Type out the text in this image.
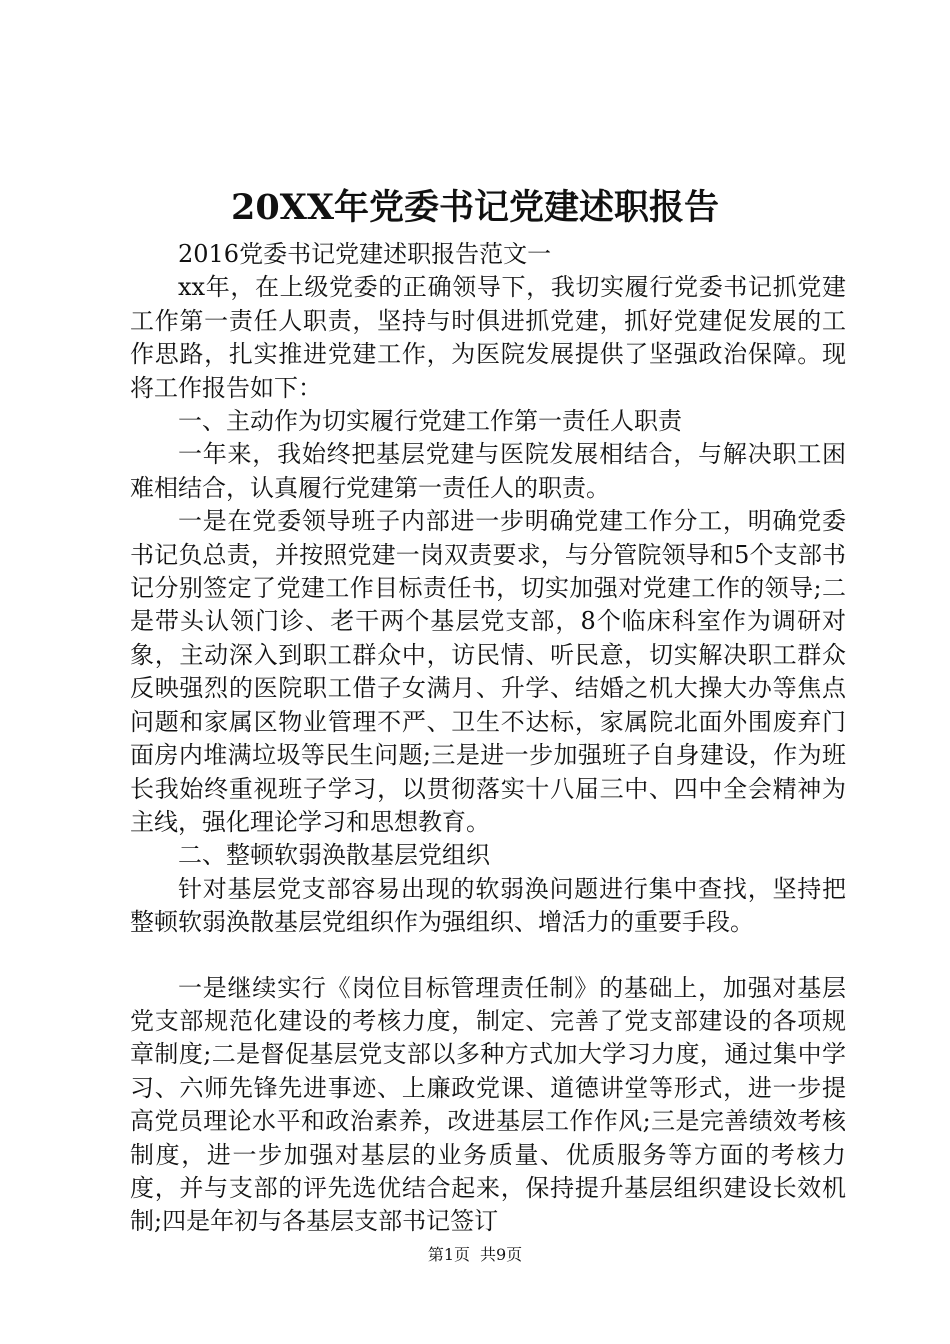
20XX年党委书记党建述职报告

2016党委书记党建述职报告范文一

xx年，在上级党委的正确领导下，我切实履行党委书记抓党建工作第一责任人职责，坚持与时俱进抓党建，抓好党建促发展的工作思路，扎实推进党建工作，为医院发展提供了坚强政治保障。现将工作报告如下：

一、主动作为切实履行党建工作第一责任人职责

一年来，我始终把基层党建与医院发展相结合，与解决职工困难相结合，认真履行党建第一责任人的职责。

一是在党委领导班子内部进一步明确党建工作分工，明确党委书记负总责，并按照党建一岗双责要求，与分管院领导和5个支部书记分别签定了党建工作目标责任书，切实加强对党建工作的领导;二是带头认领门诊、老干两个基层党支部，8个临床科室作为调研对象，主动深入到职工群众中，访民情、听民意，切实解决职工群众反映强烈的医院职工借子女满月、升学、结婚之机大操大办等焦点问题和家属区物业管理不严、卫生不达标，家属院北面外围废弃门面房内堆满垃圾等民生问题;三是进一步加强班子自身建设，作为班长我始终重视班子学习，以贯彻落实十八届三中、四中全会精神为主线，强化理论学习和思想教育。

二、整顿软弱涣散基层党组织

针对基层党支部容易出现的软弱涣问题进行集中查找，坚持把整顿软弱涣散基层党组织作为强组织、增活力的重要手段。

一是继续实行《岗位目标管理责任制》的基础上，加强对基层党支部规范化建设的考核力度，制定、完善了党支部建设的各项规章制度;二是督促基层党支部以多种方式加大学习力度，通过集中学习、六师先锋先进事迹、上廉政党课、道德讲堂等形式，进一步提高党员理论水平和政治素养，改进基层工作作风;三是完善绩效考核制度，进一步加强对基层的业务质量、优质服务等方面的考核力度，并与支部的评先选优结合起来，保持提升基层组织建设长效机制;四是年初与各基层支部书记签订

第1页 共9页
